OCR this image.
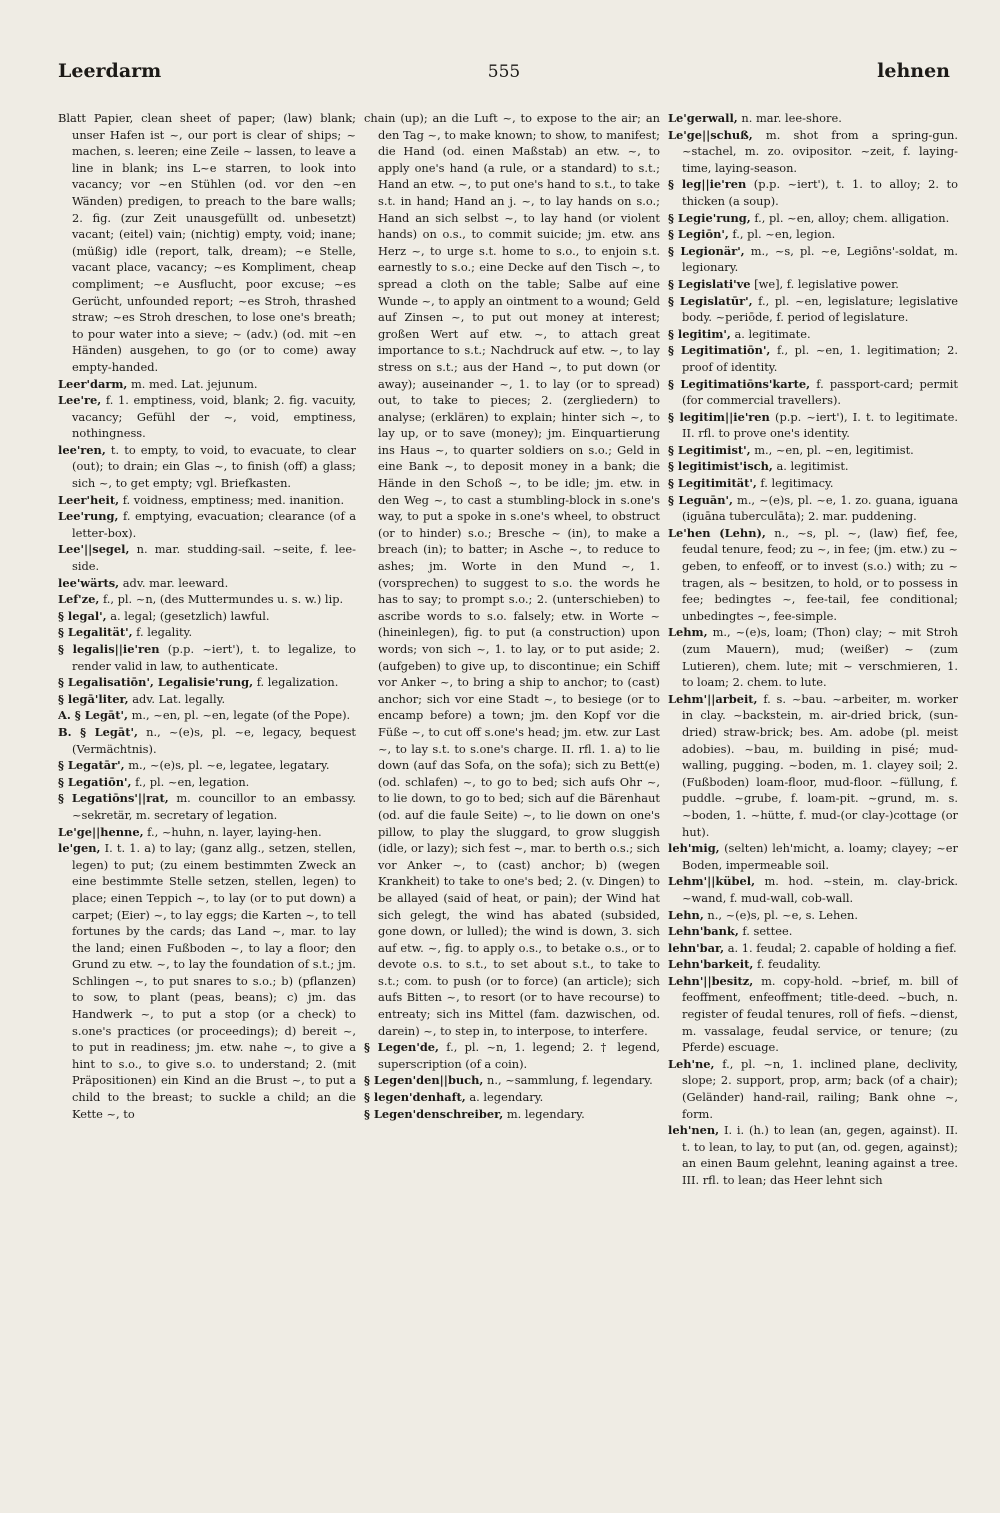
Leerdarm	555	lehnen

Blatt Papier, clean sheet of paper; (law) blank; unser Hafen ist ~, our port is clear of ships; ~ machen, s. leeren; eine Zeile ~ lassen, to leave a line in blank; ins L~e starren, to look into vacancy; vor ~en Stühlen (od. vor den ~en Wänden) predigen, to preach to the bare walls; 2. fig. (zur Zeit unausgefüllt od. unbesetzt) vacant; (eitel) vain; (nichtig) empty, void; inane; (müßig) idle (report, talk, dream); ~e Stelle, vacant place, vacancy; ~es Kompliment, cheap compliment; ~e Ausflucht, poor excuse; ~es Gerücht, unfounded report; ~es Stroh, thrashed straw; ~es Stroh dreschen, to lose one's breath; to pour water into a sieve; ~ (adv.) (od. mit ~en Händen) ausgehen, to go (or to come) away empty-handed.

Leer'darm, m. med. Lat. jejunum.

Lee're, f. 1. emptiness, void, blank; 2. fig. vacuity, vacancy; Gefühl der ~, void, emptiness, nothingness.

lee'ren, t. to empty, to void, to evacuate, to clear (out); to drain; ein Glas ~, to finish (off) a glass; sich ~, to get empty; vgl. Briefkasten.

Leer'heit, f. voidness, emptiness; med. inanition.

Lee'rung, f. emptying, evacuation; clearance (of a letter-box).

Lee'||segel, n. mar. studding-sail. ~seite, f. lee-side.

lee'wärts, adv. mar. leeward.

Lef'ze, f., pl. ~n, (des Muttermundes u. s. w.) lip.

§ legal', a. legal; (gesetzlich) lawful.

§ Legalität', f. legality.

§ legalis||ie'ren (p.p. ~iert'), t. to legalize, to render valid in law, to authenticate.

§ Legalisatiōn', Legalisie'rung, f. legalization.

§ legā'liter, adv. Lat. legally.

A. § Legāt', m., ~en, pl. ~en, legate (of the Pope).

B. § Legāt', n., ~(e)s, pl. ~e, legacy, bequest (Vermächtnis).

§ Legatār', m., ~(e)s, pl. ~e, legatee, legatary.

§ Legatiōn', f., pl. ~en, legation.

§ Legatiōns'||rat, m. councillor to an embassy. ~sekretär, m. secretary of legation.

Le'ge||henne, f., ~huhn, n. layer, laying-hen.

le'gen, I. t. 1. a) to lay; (ganz allg., setzen, stellen, legen) to put; (zu einem bestimmten Zweck an eine bestimmte Stelle setzen, stellen, legen) to place; einen Teppich ~, to lay (or to put down) a carpet; (Eier) ~, to lay eggs; die Karten ~, to tell fortunes by the cards; das Land ~, mar. to lay the land; einen Fußboden ~, to lay a floor; den Grund zu etw. ~, to lay the foundation of s.t.; jm. Schlingen ~, to put snares to s.o.; b) (pflanzen) to sow, to plant (peas, beans); c) jm. das Handwerk ~, to put a stop (or a check) to s.one's practices (or proceedings); d) bereit ~, to put in readiness; jm. etw. nahe ~, to give a hint to s.o., to give s.o. to understand; 2. (mit Präpositionen) ein Kind an die Brust ~, to put a child to the breast; to suckle a child; an die Kette ~, to

chain (up); an die Luft ~, to expose to the air; an den Tag ~, to make known; to show, to manifest; die Hand (od. einen Maßstab) an etw. ~, to apply one's hand (a rule, or a standard) to s.t.; Hand an etw. ~, to put one's hand to s.t., to take s.t. in hand; Hand an j. ~, to lay hands on s.o.; Hand an sich selbst ~, to lay hand (or violent hands) on o.s., to commit suicide; jm. etw. ans Herz ~, to urge s.t. home to s.o., to enjoin s.t. earnestly to s.o.; eine Decke auf den Tisch ~, to spread a cloth on the table; Salbe auf eine Wunde ~, to apply an ointment to a wound; Geld auf Zinsen ~, to put out money at interest; großen Wert auf etw. ~, to attach great importance to s.t.; Nachdruck auf etw. ~, to lay stress on s.t.; aus der Hand ~, to put down (or away); auseinander ~, 1. to lay (or to spread) out, to take to pieces; 2. (zergliedern) to analyse; (erklären) to explain; hinter sich ~, to lay up, or to save (money); jm. Einquartierung ins Haus ~, to quarter soldiers on s.o.; Geld in eine Bank ~, to deposit money in a bank; die Hände in den Schoß ~, to be idle; jm. etw. in den Weg ~, to cast a stumbling-block in s.one's way, to put a spoke in s.one's wheel, to obstruct (or to hinder) s.o.; Bresche ~ (in), to make a breach (in); to batter; in Asche ~, to reduce to ashes; jm. Worte in den Mund ~, 1. (vorsprechen) to suggest to s.o. the words he has to say; to prompt s.o.; 2. (unterschieben) to ascribe words to s.o. falsely; etw. in Worte ~ (hineinlegen), fig. to put (a construction) upon words; von sich ~, 1. to lay, or to put aside; 2. (aufgeben) to give up, to discontinue; ein Schiff vor Anker ~, to bring a ship to anchor; to (cast) anchor; sich vor eine Stadt ~, to besiege (or to encamp before) a town; jm. den Kopf vor die Füße ~, to cut off s.one's head; jm. etw. zur Last ~, to lay s.t. to s.one's charge. II. rfl. 1. a) to lie down (auf das Sofa, on the sofa); sich zu Bett(e) (od. schlafen) ~, to go to bed; sich aufs Ohr ~, to lie down, to go to bed; sich auf die Bärenhaut (od. auf die faule Seite) ~, to lie down on one's pillow, to play the sluggard, to grow sluggish (idle, or lazy); sich fest ~, mar. to berth o.s.; sich vor Anker ~, to (cast) anchor; b) (wegen Krankheit) to take to one's bed; 2. (v. Dingen) to be allayed (said of heat, or pain); der Wind hat sich gelegt, the wind has abated (subsided, gone down, or lulled); the wind is down, 3. sich auf etw. ~, fig. to apply o.s., to betake o.s., or to devote o.s. to s.t., to set about s.t., to take to s.t.; com. to push (or to force) (an article); sich aufs Bitten ~, to resort (or to have recourse) to entreaty; sich ins Mittel (fam. dazwischen, od. darein) ~, to step in, to interpose, to interfere.

§ Legen'de, f., pl. ~n, 1. legend; 2. † legend, superscription (of a coin).

§ Legen'den||buch, n., ~sammlung, f. legendary.

§ legen'denhaft, a. legendary.

§ Legen'denschreiber, m. legendary.

Le'gerwall, n. mar. lee-shore.

Le'ge||schuß, m. shot from a spring-gun. ~stachel, m. zo. ovipositor. ~zeit, f. laying-time, laying-season.

§ leg||ie'ren (p.p. ~iert'), t. 1. to alloy; 2. to thicken (a soup).

§ Legie'rung, f., pl. ~en, alloy; chem. alligation.

§ Legiōn', f., pl. ~en, legion.

§ Legionär', m., ~s, pl. ~e, Legiōns'-soldat, m. legionary.

§ Legislati've [we], f. legislative power.

§ Legislatūr', f., pl. ~en, legislature; legislative body. ~periōde, f. period of legislature.

§ legitim', a. legitimate.

§ Legitimatiōn', f., pl. ~en, 1. legitimation; 2. proof of identity.

§ Legitimatiōns'karte, f. passport-card; permit (for commercial travellers).

§ legitim||ie'ren (p.p. ~iert'), I. t. to legitimate. II. rfl. to prove one's identity.

§ Legitimist', m., ~en, pl. ~en, legitimist.

§ legitimist'isch, a. legitimist.

§ Legitimität', f. legitimacy.

§ Leguān', m., ~(e)s, pl. ~e, 1. zo. guana, iguana (iguāna tuberculāta); 2. mar. puddening.

Le'hen (Lehn), n., ~s, pl. ~, (law) fief, fee, feudal tenure, feod; zu ~, in fee; (jm. etw.) zu ~ geben, to enfeoff, or to invest (s.o.) with; zu ~ tragen, als ~ besitzen, to hold, or to possess in fee; bedingtes ~, fee-tail, fee conditional; unbedingtes ~, fee-simple.

Lehm, m., ~(e)s, loam; (Thon) clay; ~ mit Stroh (zum Mauern), mud; (weißer) ~ (zum Lutieren), chem. lute; mit ~ verschmieren, 1. to loam; 2. chem. to lute.

Lehm'||arbeit, f. s. ~bau. ~arbeiter, m. worker in clay. ~backstein, m. air-dried brick, (sun-dried) straw-brick; bes. Am. adobe (pl. meist adobies). ~bau, m. building in pisé; mud-walling, pugging. ~boden, m. 1. clayey soil; 2. (Fußboden) loam-floor, mud-floor. ~füllung, f. puddle. ~grube, f. loam-pit. ~grund, m. s. ~boden, 1. ~hütte, f. mud-(or clay-)cottage (or hut).

leh'mig, (selten) leh'micht, a. loamy; clayey; ~er Boden, impermeable soil.

Lehm'||kübel, m. hod. ~stein, m. clay-brick. ~wand, f. mud-wall, cob-wall.

Lehn, n., ~(e)s, pl. ~e, s. Lehen.

Lehn'bank, f. settee.

lehn'bar, a. 1. feudal; 2. capable of holding a fief.

Lehn'barkeit, f. feudality.

Lehn'||besitz, m. copy-hold. ~brief, m. bill of feoffment, enfeoffment; title-deed. ~buch, n. register of feudal tenures, roll of fiefs. ~dienst, m. vassalage, feudal service, or tenure; (zu Pferde) escuage.

Leh'ne, f., pl. ~n, 1. inclined plane, declivity, slope; 2. support, prop, arm; back (of a chair); (Geländer) hand-rail, railing; Bank ohne ~, form.

leh'nen, I. i. (h.) to lean (an, gegen, against). II. t. to lean, to lay, to put (an, od. gegen, against); an einen Baum gelehnt, leaning against a tree. III. rfl. to lean; das Heer lehnt sich
